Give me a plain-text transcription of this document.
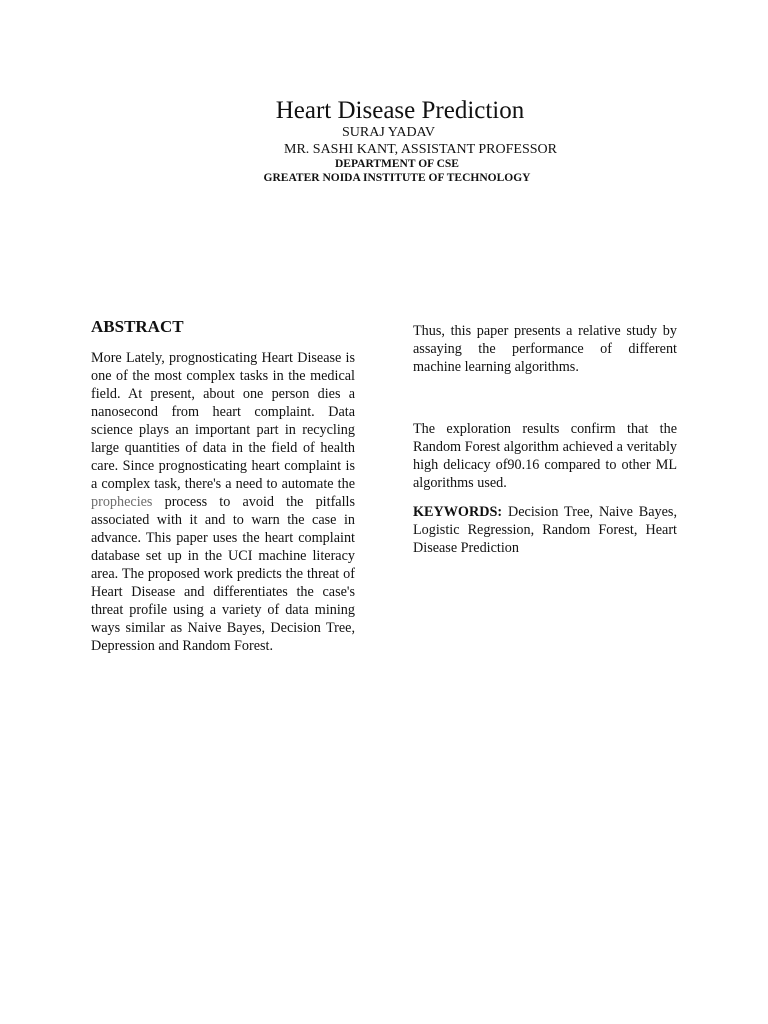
Heart Disease Prediction
SURAJ YADAV
MR. SASHI KANT, ASSISTANT PROFESSOR
DEPARTMENT OF CSE
GREATER NOIDA INSTITUTE OF TECHNOLOGY
ABSTRACT

More Lately, prognosticating Heart Disease is one of the most complex tasks in the medical field. At present, about one person dies a nanosecond from heart complaint. Data science plays an important part in recycling large quantities of data in the field of health care. Since prognosticating heart complaint is a complex task, there's a need to automate the prophecies process to avoid the pitfalls associated with it and to warn the case in advance. This paper uses the heart complaint database set up in the UCI machine literacy area. The proposed work predicts the threat of Heart Disease and differentiates the case's threat profile using a variety of data mining ways similar as Naive Bayes, Decision Tree, Depression and Random Forest.

Thus, this paper presents a relative study by assaying the performance of different machine learning algorithms.

The exploration results confirm that the Random Forest algorithm achieved a veritably high delicacy of90.16 compared to other ML algorithms used.

KEYWORDS: Decision Tree, Naive Bayes, Logistic Regression, Random Forest, Heart Disease Prediction
